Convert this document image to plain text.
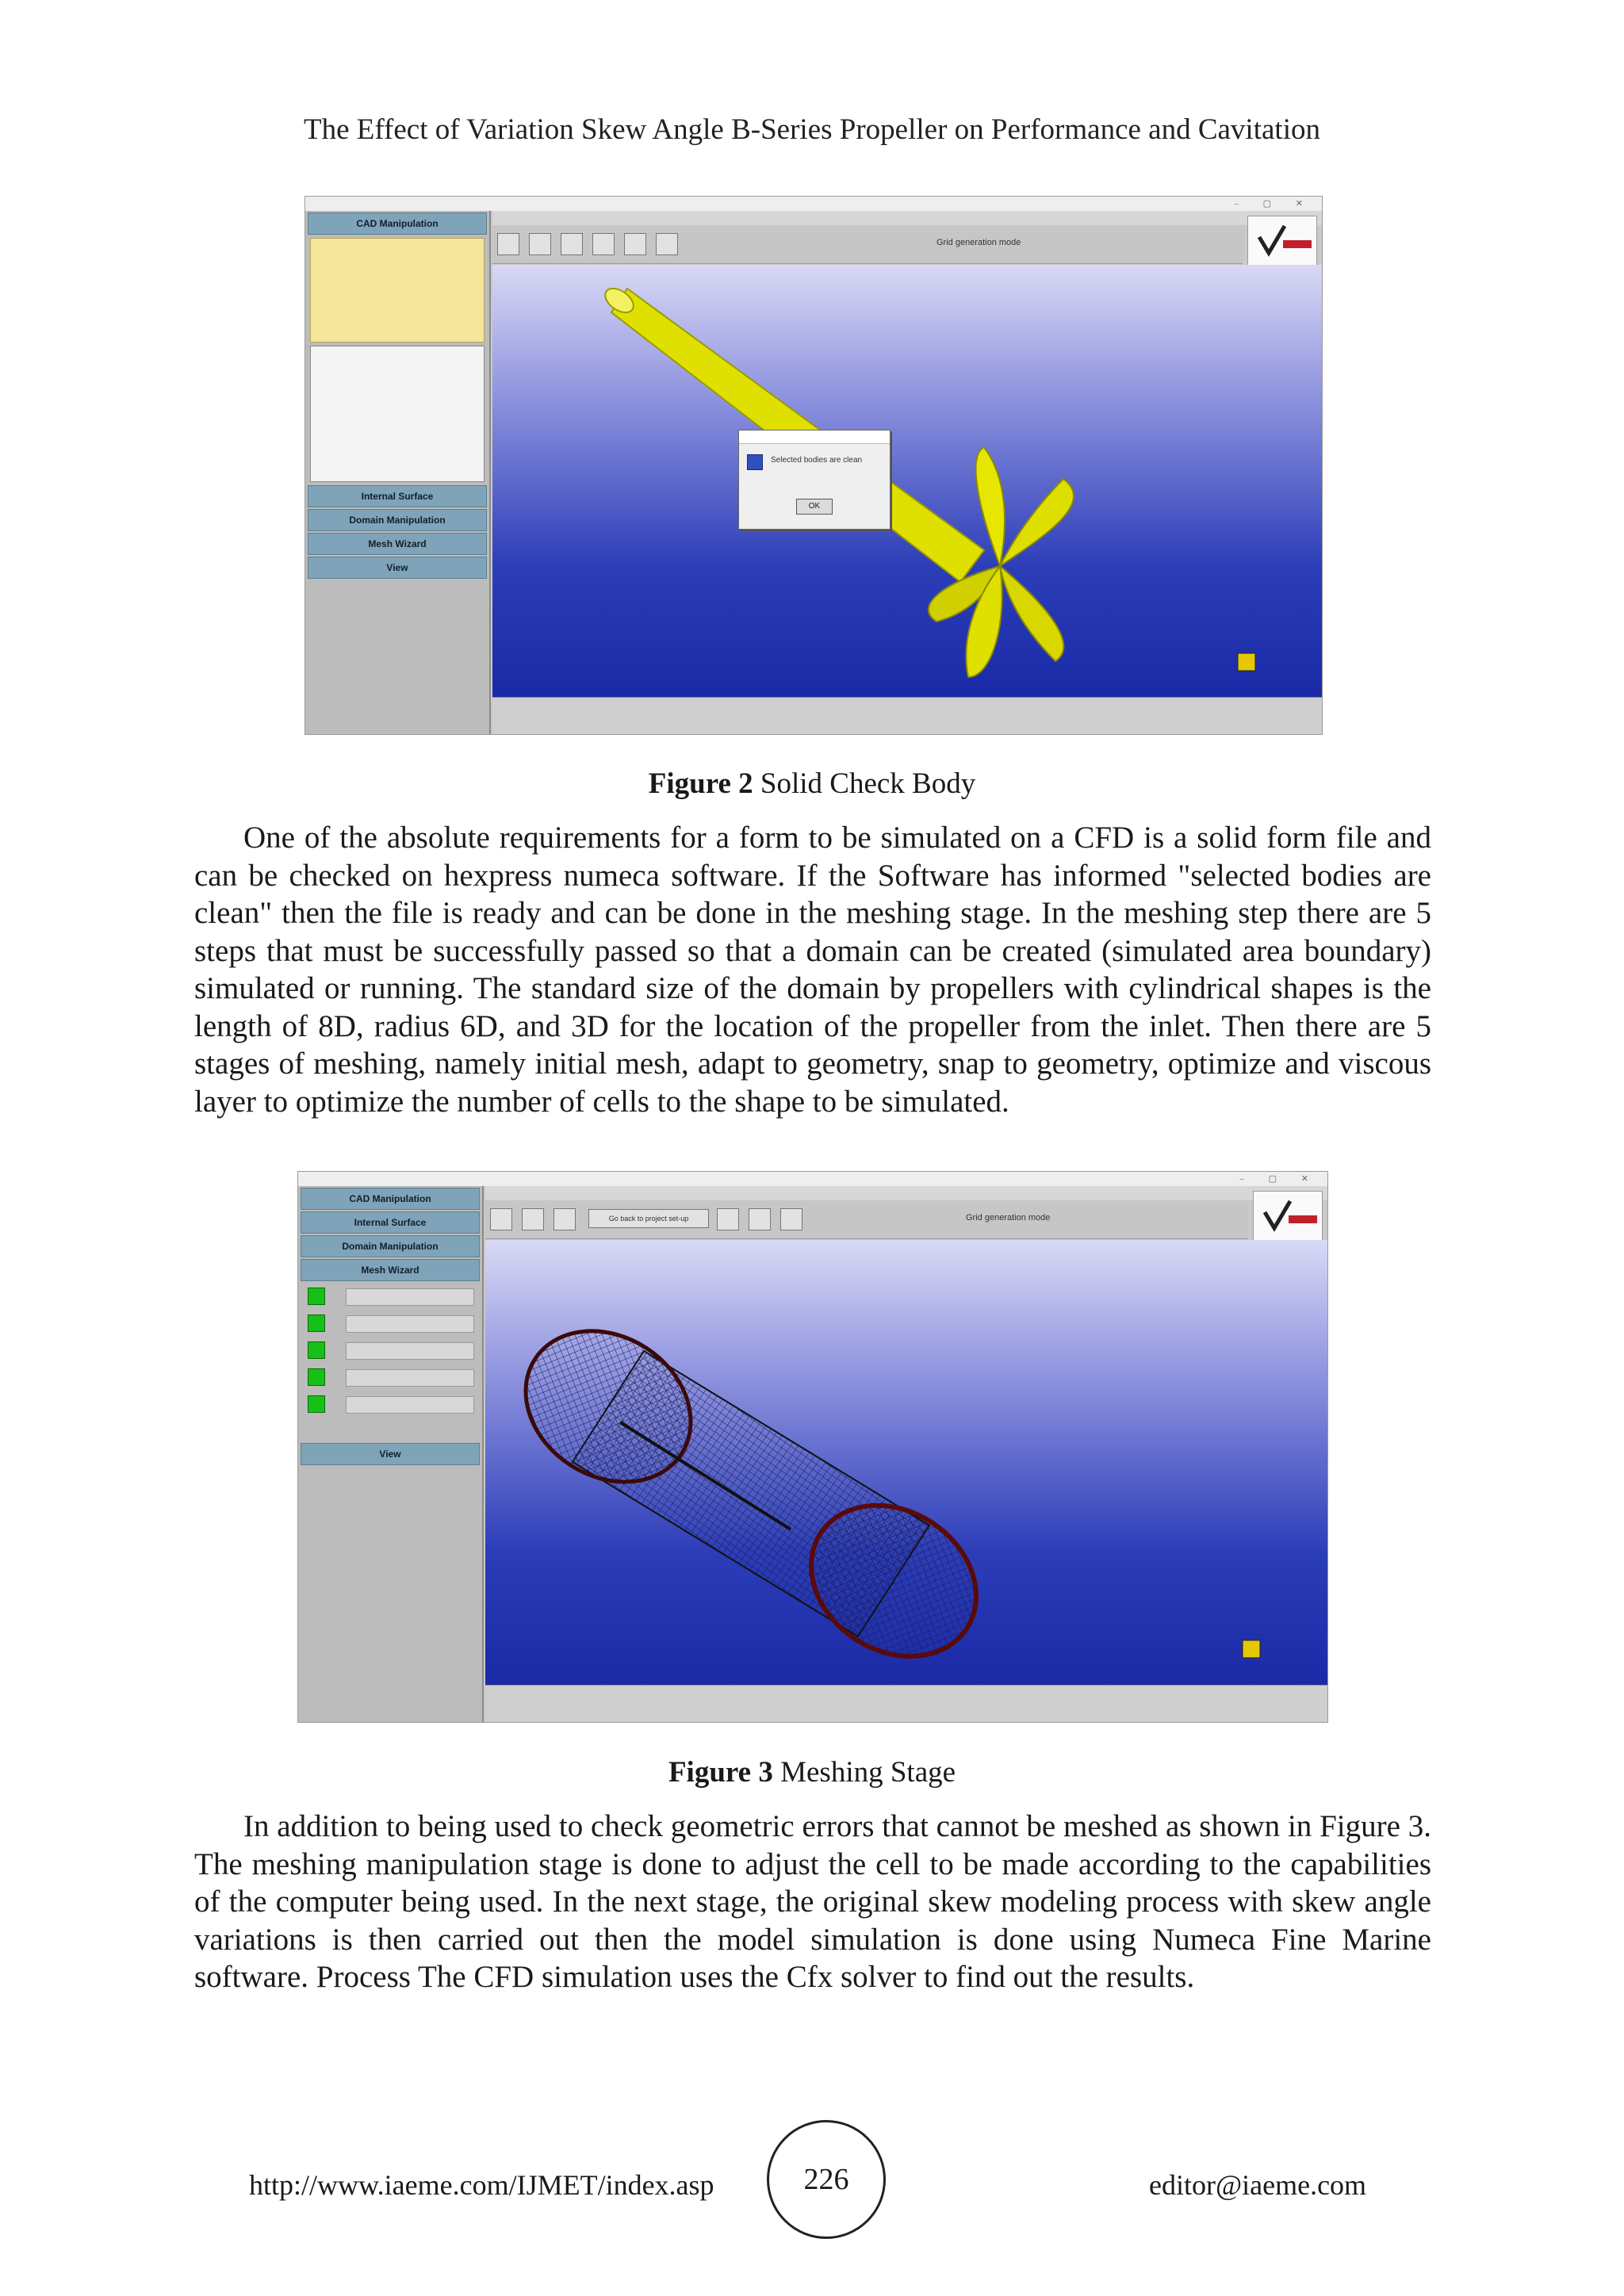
The Effect of Variation Skew Angle B-Series Propeller on Performance and Cavitation
– ▢ ✕
CAD Manipulation
Internal Surface
Domain Manipulation
Mesh Wizard
View
Grid generation mode
Selected bodies are clean
OK
Figure 2 Solid Check Body

One of the absolute requirements for a form to be simulated on a CFD is a solid form file and can be checked on hexpress numeca software. If the Software has informed "selected bodies are clean" then the file is ready and can be done in the meshing stage. In the meshing step there are 5 steps that must be successfully passed so that a domain can be created (simulated area boundary) simulated or running. The standard size of the domain by propellers with cylindrical shapes is the length of 8D, radius 6D, and 3D for the location of the propeller from the inlet. Then there are 5 stages of meshing, namely initial mesh, adapt to geometry, snap to geometry, optimize and viscous layer to optimize the number of cells to the shape to be simulated.

– ▢ ✕
CAD Manipulation
Internal Surface
Domain Manipulation
Mesh Wizard
View
Go back to project set-up	Grid generation mode
Figure 3 Meshing Stage

In addition to being used to check geometric errors that cannot be meshed as shown in Figure 3. The meshing manipulation stage is done to adjust the cell to be made according to the capabilities of the computer being used. In the next stage, the original skew modeling process with skew angle variations is then carried out then the model simulation is done using Numeca Fine Marine software. Process The CFD simulation uses the Cfx solver to find out the results.

http://www.iaeme.com/IJMET/index.asp	226	editor@iaeme.com
